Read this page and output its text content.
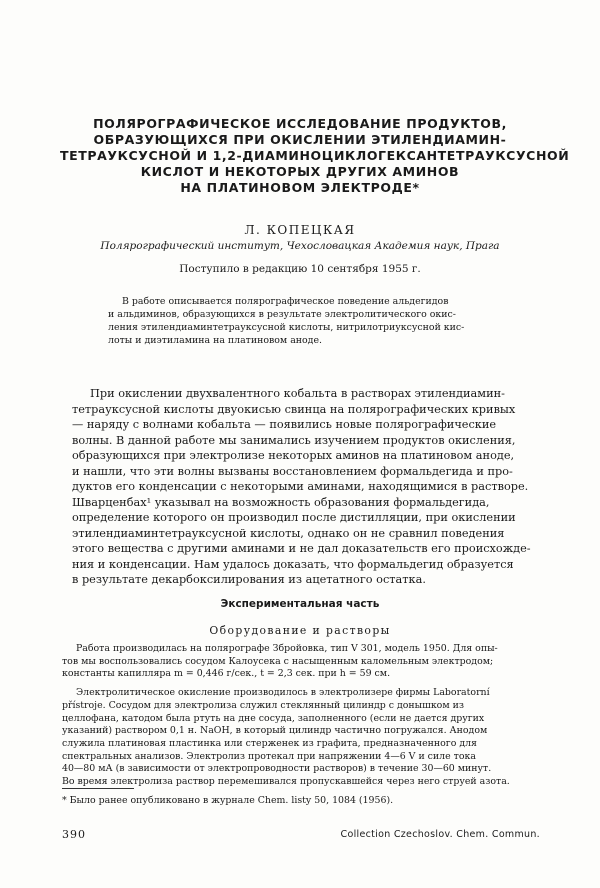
ПОЛЯРОГРАФИЧЕСКОЕ ИССЛЕДОВАНИЕ ПРОДУКТОВ,
ОБРАЗУЮЩИХСЯ ПРИ ОКИСЛЕНИИ ЭТИЛЕНДИАМИН-
ТЕТРАУКСУСНОЙ И 1,2-ДИАМИНОЦИКЛОГЕКСАНТЕТРАУКСУСНОЙ
КИСЛОТ И НЕКОТОРЫХ ДРУГИХ АМИНОВ
НА ПЛАТИНОВОМ ЭЛЕКТРОДЕ*
Л. КОПЕЦКАЯ
Полярографический институт, Чехословацкая Академия наук, Прага
Поступило в редакцию 10 сентября 1955 г.
В работе описывается полярографическое поведение альдегидов
и альдиминов, образующихся в результате электролитического окис-
ления этилендиаминтетрауксусной кислоты, нитрилотриуксусной кис-
лоты и диэтиламина на платиновом аноде.
При окислении двухвалентного кобальта в растворах этилендиамин-
тетрауксусной кислоты двуокисью свинца на полярографических кривых
— наряду с волнами кобальта — появились новые полярографические
волны. В данной работе мы занимались изучением продуктов окисления,
образующихся при электролизе некоторых аминов на платиновом аноде,
и нашли, что эти волны вызваны восстановлением формальдегида и про-
дуктов его конденсации с некоторыми аминами, находящимися в растворе.
Шварценбах¹ указывал на возможность образования формальдегида,
определение которого он производил после дистилляции, при окислении
этилендиаминтетрауксусной кислоты, однако он не сравнил поведения
этого вещества с другими аминами и не дал доказательств его происхожде-
ния и конденсации. Нам удалось доказать, что формальдегид образуется
в результате декарбоксилирования из ацетатного остатка.
Экспериментальная часть
Оборудование и растворы
Работа производилась на полярографе Збройовка, тип V 301, модель 1950. Для опы-
тов мы воспользовались сосудом Калоусека с насыщенным каломельным электродом;
константы капилляра m = 0,446 г/сек., t = 2,3 сек. при h = 59 см.
Электролитическое окисление производилось в электролизере фирмы Laboratorní
přístroje. Сосудом для электролиза служил стеклянный цилиндр с донышком из
целлофана, катодом была ртуть на дне сосуда, заполненного (если не дается других
указаний) раствором 0,1 н. NaOH, в который цилиндр частично погружался. Анодом
служила платиновая пластинка или стерженек из графита, предназначенного для
спектральных анализов. Электролиз протекал при напряжении 4—6 V и силе тока
40—80 мА (в зависимости от электропроводности растворов) в течение 30—60 минут.
Во время электролиза раствор перемешивался пропускавшейся через него струей азота.
* Было ранее опубликовано в журнале Chem. listy 50, 1084 (1956).
390	Collection Czechoslov. Chem. Commun.
